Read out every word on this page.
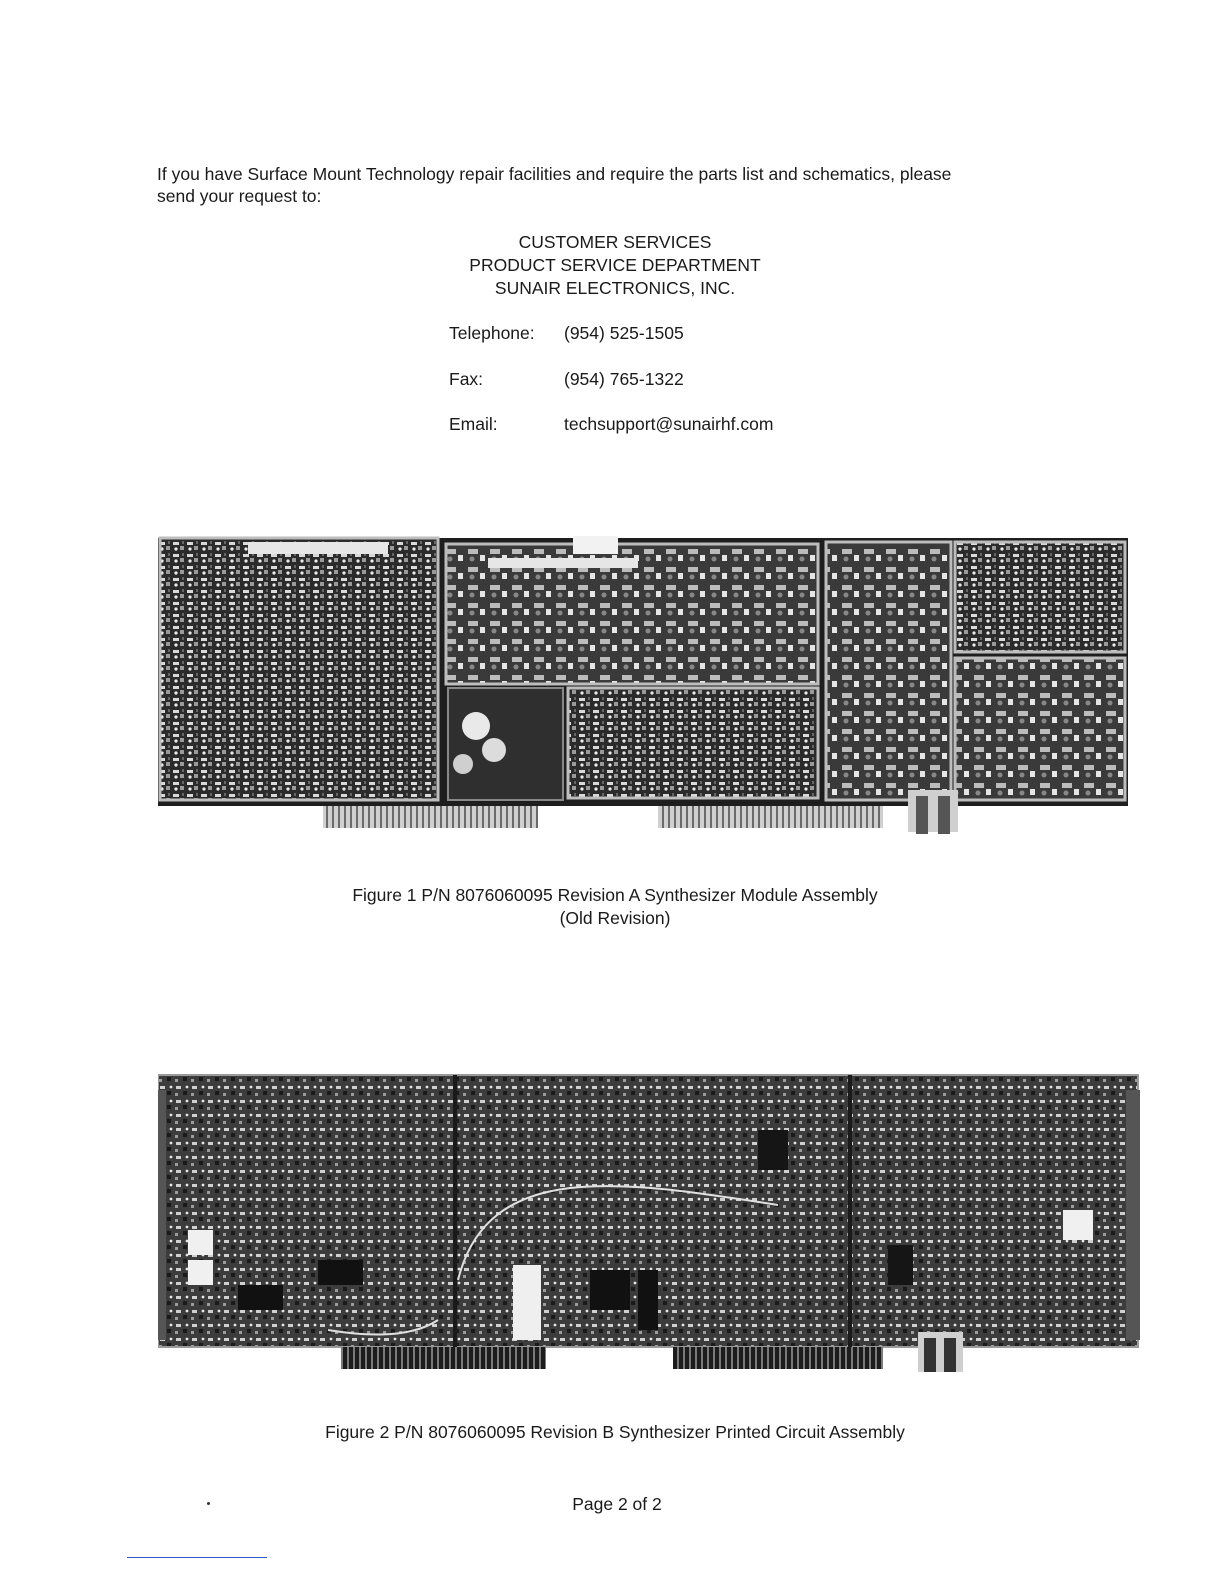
If you have Surface Mount Technology repair facilities and require the parts list and schematics, please
send your request to:
CUSTOMER SERVICES
PRODUCT SERVICE DEPARTMENT
SUNAIR ELECTRONICS, INC.
Telephone: (954) 525-1505
Fax:	(954) 765-1322
Email:	techsupport@sunairhf.com
Figure 1 P/N 8076060095 Revision A Synthesizer Module Assembly
(Old Revision)
Figure 2 P/N 8076060095 Revision B Synthesizer Printed Circuit Assembly
Page 2 of 2
